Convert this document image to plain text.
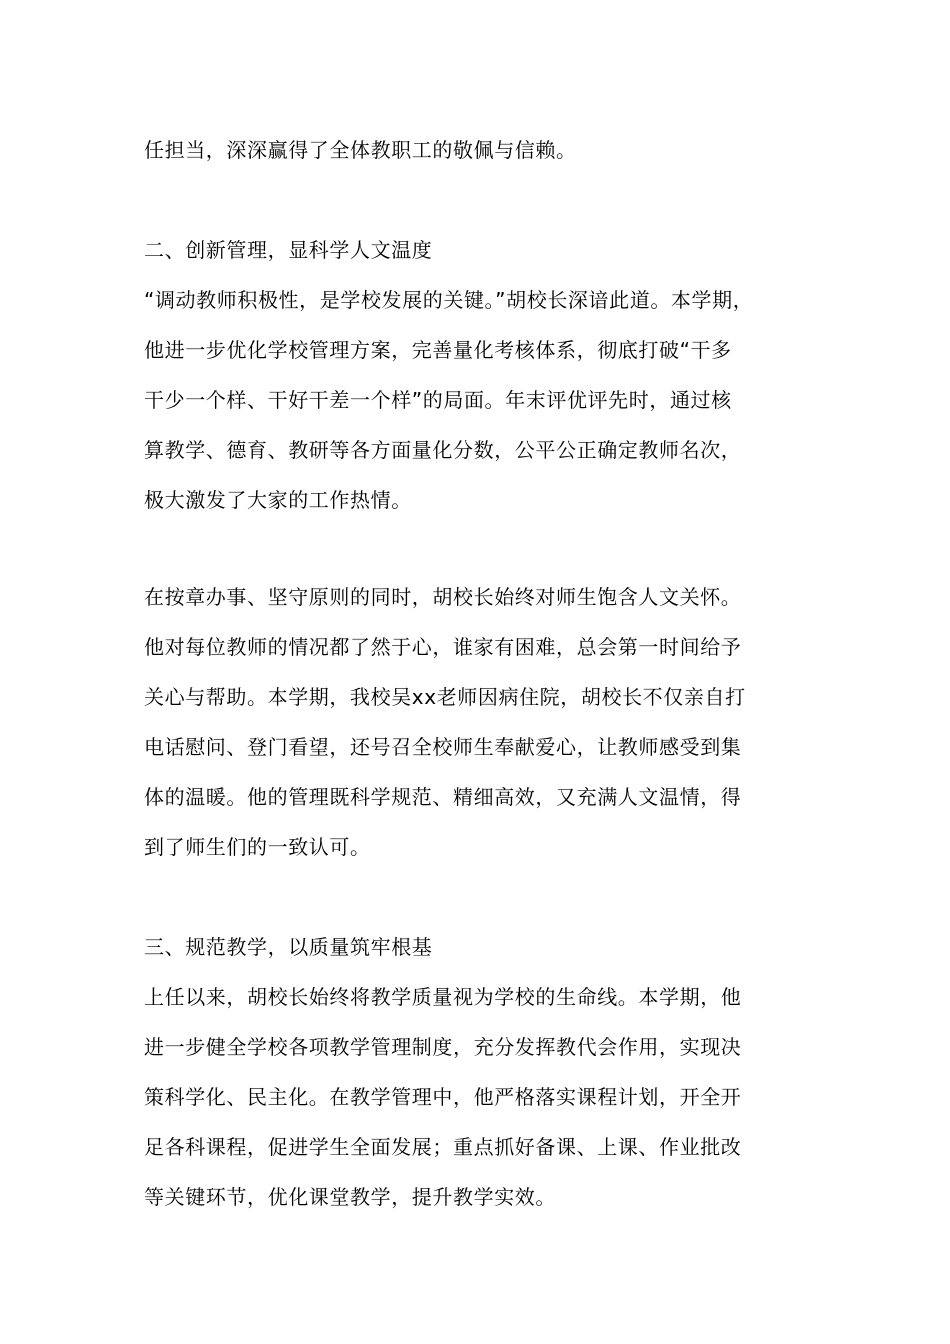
任担当，深深赢得了全体教职工的敬佩与信赖。
二、创新管理，显科学人文温度
“调动教师积极性，是学校发展的关键。”胡校长深谙此道。本学期，
他进一步优化学校管理方案，完善量化考核体系，彻底打破“干多
干少一个样、干好干差一个样”的局面。年末评优评先时，通过核
算教学、德育、教研等各方面量化分数，公平公正确定教师名次，
极大激发了大家的工作热情。
在按章办事、坚守原则的同时，胡校长始终对师生饱含人文关怀。
他对每位教师的情况都了然于心，谁家有困难，总会第一时间给予
关心与帮助。本学期，我校吴xx老师因病住院，胡校长不仅亲自打
电话慰问、登门看望，还号召全校师生奉献爱心，让教师感受到集
体的温暖。他的管理既科学规范、精细高效，又充满人文温情，得
到了师生们的一致认可。
三、规范教学，以质量筑牢根基
上任以来，胡校长始终将教学质量视为学校的生命线。本学期，他
进一步健全学校各项教学管理制度，充分发挥教代会作用，实现决
策科学化、民主化。在教学管理中，他严格落实课程计划，开全开
足各科课程，促进学生全面发展；重点抓好备课、上课、作业批改
等关键环节，优化课堂教学，提升教学实效。
